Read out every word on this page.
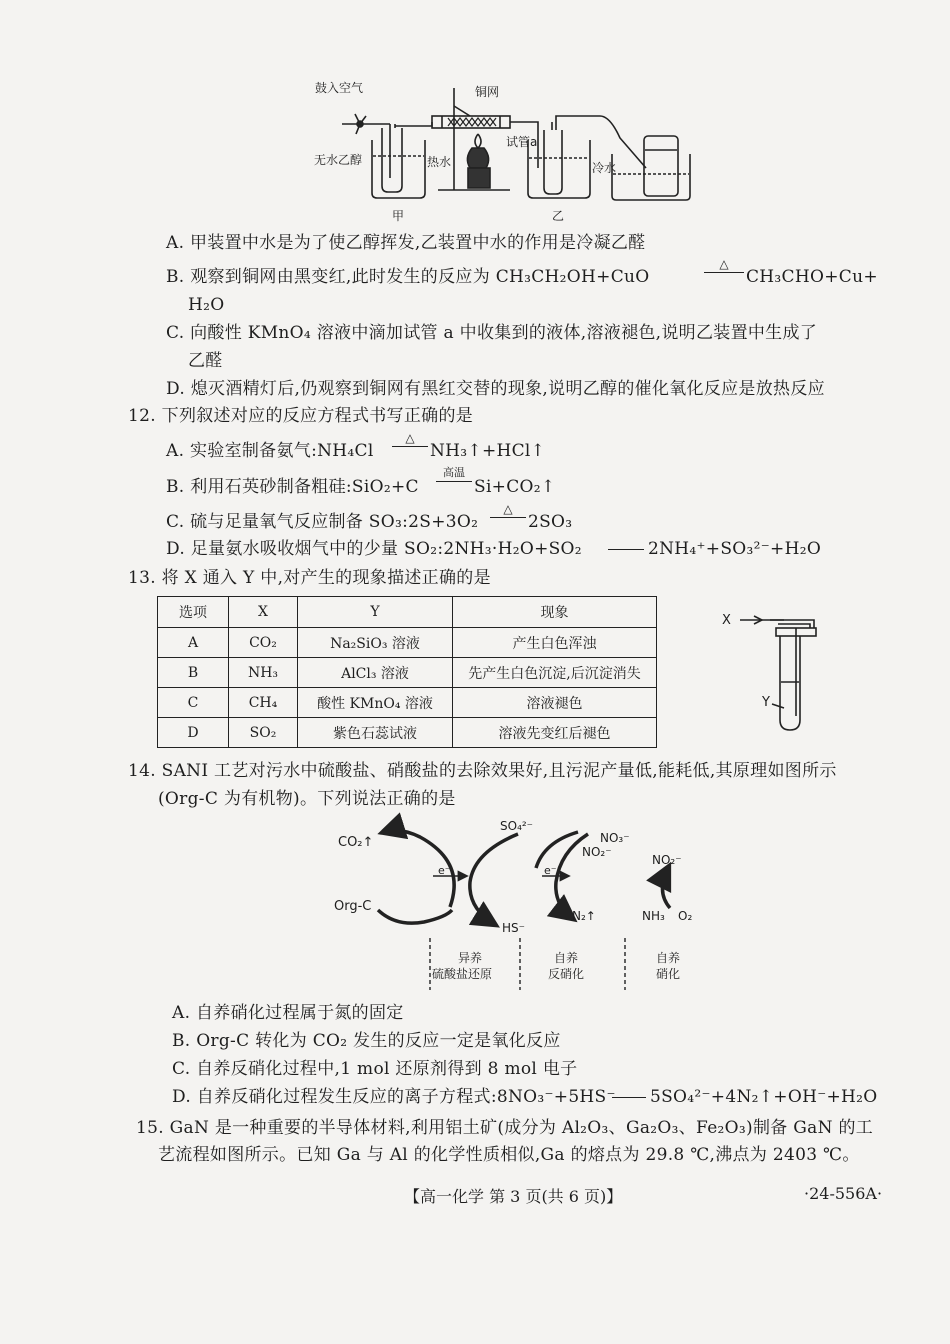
鼓入空气	铜网
试管a
无水乙醇	热水	冷水
甲	乙
A. 甲装置中水是为了使乙醇挥发,乙装置中水的作用是冷凝乙醛
B. 观察到铜网由黑变红,此时发生的反应为 CH₃CH₂OH+CuO
△
CH₃CHO+Cu+
H₂O
C. 向酸性 KMnO₄ 溶液中滴加试管 a 中收集到的液体,溶液褪色,说明乙装置中生成了
乙醛
D. 熄灭酒精灯后,仍观察到铜网有黑红交替的现象,说明乙醇的催化氧化反应是放热反应
12. 下列叙述对应的反应方程式书写正确的是
A. 实验室制备氨气:NH₄Cl
△
NH₃↑+HCl↑
B. 利用石英砂制备粗硅:SiO₂+C
高温
Si+CO₂↑
C. 硫与足量氧气反应制备 SO₃:2S+3O₂
△
2SO₃
D. 足量氨水吸收烟气中的少量 SO₂:2NH₃·H₂O+SO₂	2NH₄⁺+SO₃²⁻+H₂O
13. 将 X 通入 Y 中,对产生的现象描述正确的是
选项	X	Y	现象
A	CO₂	Na₂SiO₃ 溶液	产生白色浑浊
B	NH₃	AlCl₃ 溶液	先产生白色沉淀,后沉淀消失
C	CH₄	酸性 KMnO₄ 溶液	溶液褪色
D	SO₂	紫色石蕊试液	溶液先变红后褪色
X
Y
14. SANI 工艺对污水中硫酸盐、硝酸盐的去除效果好,且污泥产量低,能耗低,其原理如图所示
(Org-C 为有机物)。下列说法正确的是
CO₂↑
Org-C
SO₄²⁻
HS⁻
e⁻	e⁻
NO₃⁻
NO₂⁻
NO₂⁻
N₂↑	NH₃ O₂
异养
硫酸盐还原
自养
反硝化
自养
硝化
A. 自养硝化过程属于氮的固定
B. Org-C 转化为 CO₂ 发生的反应一定是氧化反应
C. 自养反硝化过程中,1 mol 还原剂得到 8 mol 电子
D. 自养反硝化过程发生反应的离子方程式:8NO₃⁻+5HS⁻ 5SO₄²⁻+4N₂↑+OH⁻+H₂O
15. GaN 是一种重要的半导体材料,利用铝土矿(成分为 Al₂O₃、Ga₂O₃、Fe₂O₃)制备 GaN 的工
艺流程如图所示。已知 Ga 与 Al 的化学性质相似,Ga 的熔点为 29.8 ℃,沸点为 2403 ℃。
【高一化学 第 3 页(共 6 页)】	·24-556A·
